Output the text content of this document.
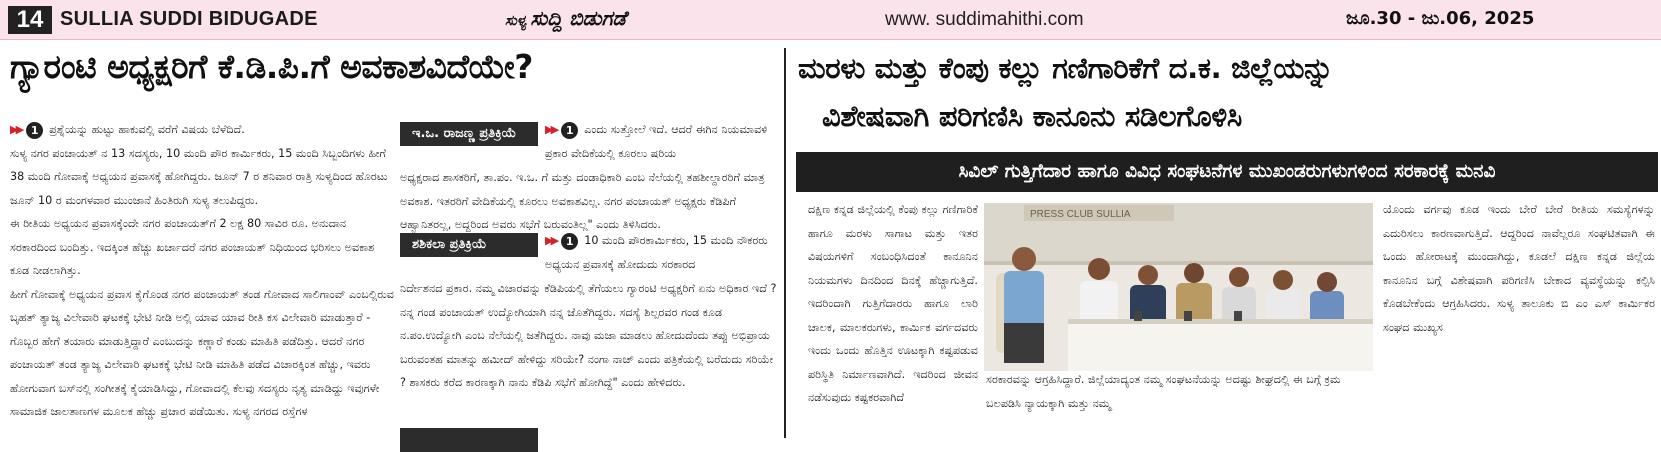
14 SULLIA SUDDI BIDUGADE	ಸುಳ್ಯ ಸುದ್ದಿ ಬಿಡುಗಡೆ	www. suddimahithi.com	ಜೂ.30 - ಜು.06, 2025
ಗ್ಯಾರಂಟಿ ಅಧ್ಯಕ್ಷರಿಗೆ ಕೆ.ಡಿ.ಪಿ.ಗೆ ಅವಕಾಶವಿದೆಯೇ?

▶▶ 1 ಪ್ರಶ್ನೆಯನ್ನು ಹುಟ್ಟು ಹಾಕುವಲ್ಲಿ ವರೆಗೆ ವಿಷಯ ಬೆಳೆದಿದೆ.

ಸುಳ್ಯ ನಗರ ಪಂಚಾಯತ್ ನ 13 ಸದಸ್ಯರು, 10 ಮಂದಿ ಪೌರ ಕಾರ್ಮಿಕರು, 15 ಮಂದಿ ಸಿಬ್ಬಂದಿಗಳು ಹೀಗೆ 38 ಮಂದಿ ಗೋವಾಕ್ಕೆ ಅಧ್ಯಯನ ಪ್ರವಾಸಕ್ಕೆ ಹೋಗಿದ್ದರು. ಜೂನ್ 7 ರ ಶನಿವಾರ ರಾತ್ರಿ ಸುಳ್ಯದಿಂದ ಹೊರಟು ಜೂನ್ 10 ರ ಮಂಗಳವಾರ ಮುಂಜಾನೆ ಹಿಂತಿರುಗಿ ಸುಳ್ಯ ತಲುಪಿದ್ದರು.

ಈ ರೀತಿಯ ಅಧ್ಯಯನ ಪ್ರವಾಸಕ್ಕೆಂದೇ ನಗರ ಪಂಚಾಯತ್‌ಗೆ 2 ಲಕ್ಷ 80 ಸಾವಿರ ರೂ. ಅನುದಾನ ಸರಕಾರದಿಂದ ಬಂದಿತ್ತು. ಇದಕ್ಕಿಂತ ಹೆಚ್ಚು ಖರ್ಚಾದರೆ ನಗರ ಪಂಚಾಯತ್ ನಿಧಿಯಿಂದ ಭರಿಸಲು ಅವಕಾಶ ಕೂಡ ನೀಡಲಾಗಿತ್ತು.

ಹೀಗೆ ಗೋವಾಕ್ಕೆ ಅಧ್ಯಯನ ಪ್ರವಾಸ ಕೈಗೊಂಡ ನಗರ ಪಂಚಾಯತ್ ತಂಡ ಗೋವಾದ ಸಾಲಿಗಾಂವ್ ಎಂಬಲ್ಲಿರುವ ಬೃಹತ್ ತ್ಯಾಜ್ಯ ವಿಲೇವಾರಿ ಘಟಕಕ್ಕೆ ಭೇಟಿ ನೀಡಿ ಅಲ್ಲಿ ಯಾವ ಯಾವ ರೀತಿ ಕಸ ವಿಲೇವಾರಿ ಮಾಡುತ್ತಾರೆ - ಗೊಬ್ಬರ ಹೇಗೆ ತಯಾರು ಮಾಡುತ್ತಿದ್ದಾರೆ ಎಂಬುದನ್ನು ಕಣ್ಣಾರೆ ಕಂಡು ಮಾಹಿತಿ ಪಡೆದಿತ್ತು. ಆದರೆ ನಗರ ಪಂಚಾಯತ್ ತಂಡ ತ್ಯಾಜ್ಯ ವಿಲೇವಾರಿ ಘಟಕಕ್ಕೆ ಭೇಟಿ ನೀಡಿ ಮಾಹಿತಿ ಪಡೆದ ವಿಚಾರಕ್ಕಿಂತ ಹೆಚ್ಚು, ಇವರು ಹೋಗುವಾಗ ಬಸ್‌ನಲ್ಲಿ ಸಂಗೀತಕ್ಕೆ ಕೈಯಾಡಿಸಿದ್ದು, ಗೋವಾದಲ್ಲಿ ಕೆಲವು ಸದಸ್ಯರು ನೃತ್ಯ ಮಾಡಿದ್ದು ಇವುಗಳೇ ಸಾಮಾಜಿಕ ಜಾಲತಾಣಗಳ ಮೂಲಕ ಹೆಚ್ಚು ಪ್ರಚಾರ ಪಡೆಯಿತು. ಸುಳ್ಯ ನಗರದ ರಸ್ತೆಗಳ

ಇ.ಒ. ರಾಜಣ್ಣ ಪ್ರತಿಕ್ರಿಯೆ	▶▶ 1 ಎಂದು ಸುತ್ತೋಲೆ ಇದೆ. ಆದರೆ ಈಗಿನ ನಿಯಮಾವಳಿ ಪ್ರಕಾರ ವೇದಿಕೆಯಲ್ಲಿ ಕೂರಲು ಷರಿಯ
ಅಧ್ಯಕ್ಷರಾದ ಶಾಸಕರಿಗೆ, ತಾ.ಪಂ. ಇ.ಒ. ಗೆ ಮತ್ತು ದಂಡಾಧಿಕಾರಿ ಎಂಬ ನೆಲೆಯಲ್ಲಿ ತಹಶೀಲ್ದಾರರಿಗೆ ಮಾತ್ರ ಅವಕಾಶ. ಇತರರಿಗೆ ವೇದಿಕೆಯಲ್ಲಿ ಕೂರಲು ಅವಕಾಶವಿಲ್ಲ. ನಗರ ಪಂಚಾಯತ್ ಅಧ್ಯಕ್ಷರು ಕೆಡಿಪಿಗೆ ಆಹ್ವಾನಿತರಲ್ಲ, ಅದ್ದರಿಂದ ಅವರು ಸಭೆಗೆ ಬರುವಂತಿಲ್ಲ" ಎಂದು ತಿಳಿಸಿದರು.
ಶಶಿಕಲಾ ಪ್ರತಿಕ್ರಿಯೆ	▶▶ 1 10 ಮಂದಿ ಪೌರಕಾರ್ಮಿಕರು, 15 ಮಂದಿ ನೌಕರರು ಅಧ್ಯಯನ ಪ್ರವಾಸಕ್ಕೆ ಹೋದುದು ಸರಕಾರದ
ನಿರ್ದೇಶನದ ಪ್ರಕಾರ. ನಮ್ಮ ವಿಚಾರವನ್ನು ಕೆಡಿಪಿಯಲ್ಲಿ ತೆಗೆಯಲು ಗ್ಯಾರಂಟಿ ಅಧ್ಯಕ್ಷರಿಗೆ ಏನು ಅಧಿಕಾರ ಇದೆ ? ನನ್ನ ಗಂಡ ಪಂಚಾಯತ್ ಉದ್ಯೋಗಿಯಾಗಿ ನನ್ನ ಜೊತೆಗಿದ್ದರು. ಸದಸ್ಯೆ ಶಿಲ್ಪರವರ ಗಂಡ ಕೂಡ ನ.ಪಂ.ಉದ್ಯೋಗಿ ಎಂಬ ನೆಲೆಯಲ್ಲಿ ಜತೆಗಿದ್ದರು. ನಾವು ಮಜಾ ಮಾಡಲು ಹೋದುದೆಂದು ತಪ್ಪು ಅಭಿಪ್ರಾಯ ಬರುವಂತಹ ಮಾತನ್ನು ಹಮೀದ್ ಹೇಳಿದ್ದು ಸರಿಯೇ? ನಂಗಾ ನಾಚ್ ಎಂದು ಪತ್ರಿಕೆಯಲ್ಲಿ ಬರೆದುದು ಸರಿಯೇ ? ಶಾಸಕರು ಕರೆದ ಕಾರಣಕ್ಕಾಗಿ ನಾನು ಕೆಡಿಪಿ ಸಭೆಗೆ ಹೋಗಿದ್ದೆ" ಎಂದು ಹೇಳಿದರು.
ಮರಳು ಮತ್ತು ಕೆಂಪು ಕಲ್ಲು ಗಣಿಗಾರಿಕೆಗೆ ದ.ಕ. ಜಿಲ್ಲೆಯನ್ನು
ವಿಶೇಷವಾಗಿ ಪರಿಗಣಿಸಿ ಕಾನೂನು ಸಡಿಲಗೊಳಿಸಿ
ಸಿವಿಲ್ ಗುತ್ತಿಗೆದಾರ ಹಾಗೂ ವಿವಿಧ ಸಂಘಟನೆಗಳ ಮುಖಂಡರುಗಳುಗಳಿಂದ ಸರಕಾರಕ್ಕೆ ಮನವಿ
ದಕ್ಷಿಣ ಕನ್ನಡ ಜಿಲ್ಲೆಯಲ್ಲಿ ಕೆಂಪು ಕಲ್ಲು ಗಣಿಗಾರಿಕೆ ಹಾಗೂ ಮರಳು ಸಾಗಾಟ ಮತ್ತು ಇತರ ವಿಷಯಗಳಿಗೆ ಸಂಬಂಧಿಸಿದಂತೆ ಕಾನೂನಿನ ನಿಯಮಗಳು ದಿನದಿಂದ ದಿನಕ್ಕೆ ಹೆಚ್ಚಾಗುತ್ತಿದೆ. ಇದರಿಂದಾಗಿ ಗುತ್ತಿಗೆದಾರರು ಹಾಗೂ ಲಾರಿ ಚಾಲಕ, ಮಾಲಕರುಗಳು, ಕಾರ್ಮಿಕ ವರ್ಗದವರು ಇಂದು ಒಂದು ಹೊತ್ತಿನ ಊಟಕ್ಕಾಗಿ ಕಷ್ಟಪಡುವ ಪರಿಸ್ಥಿತಿ ನಿರ್ಮಾಣವಾಗಿದೆ. ಇದರಿಂದ ಜೀವನ ನಡೆಸುವುದು ಕಷ್ಟಕರವಾಗಿದೆ
PRESS CLUB SULLIA
ಸರಕಾರವನ್ನು ಆಗ್ರಹಿಸಿದ್ದಾರೆ. ಜಿಲ್ಲೆಯಾದ್ಯಂತ ನಮ್ಮ ಸಂಘಟನೆಯನ್ನು ಅದಷ್ಟು ಶೀಘ್ರದಲ್ಲಿ ಈ ಬಗ್ಗೆ ಕ್ರಮ ಬಲಪಡಿಸಿ ನ್ಯಾಯಕ್ಕಾಗಿ ಮತ್ತು ನಮ್ಮ
ಯೊಂದು ವರ್ಗವು ಕೂಡ ಇಂದು ಬೇರೆ ಬೇರೆ ರೀತಿಯ ಸಮಸ್ಯೆಗಳನ್ನು ಎದುರಿಸಲು ಕಾರಣವಾಗುತ್ತಿದೆ. ಆದ್ದರಿಂದ ನಾವೆಲ್ಲರೂ ಸಂಘಟಿತವಾಗಿ ಈ ಒಂದು ಹೋರಾಟಕ್ಕೆ ಮುಂದಾಗಿದ್ದು, ಕೂಡಲೆ ದಕ್ಷಿಣ ಕನ್ನಡ ಜಿಲ್ಲೆಯ ಕಾನೂನಿನ ಬಗ್ಗೆ ವಿಶೇಷವಾಗಿ ಪರಿಗಣಿಸಿ ಬೇಕಾದ ವ್ಯವಸ್ಥೆಯನ್ನು ಕಲ್ಪಿಸಿ ಕೊಡಬೇಕೆಂದು ಆಗ್ರಹಿಸಿದರು. ಸುಳ್ಯ ತಾಲೂಕು ಬಿ ಎಂ ಎಸ್ ಕಾರ್ಮಿಕರ ಸಂಘದ ಮುಖ್ಯಸ
